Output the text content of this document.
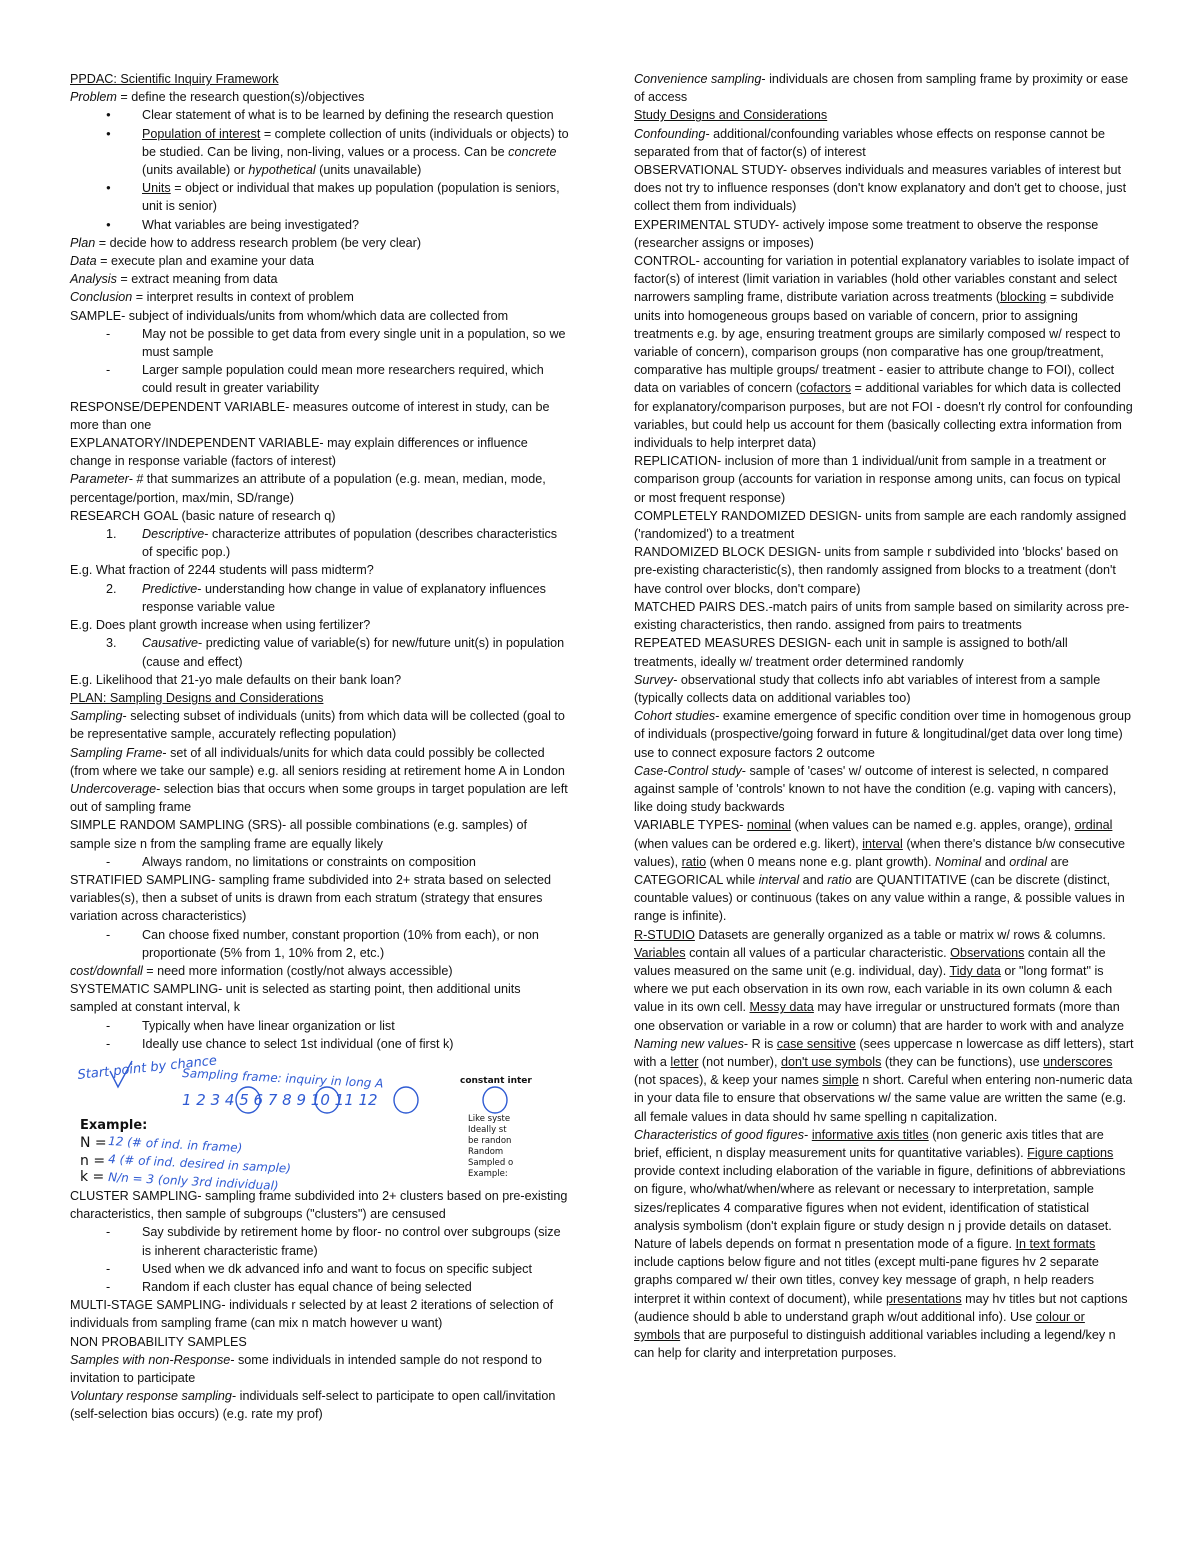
PPDAC: Scientific Inquiry Framework
Problem = define the research question(s)/objectives
●
Clear statement of what is to be learned by defining the research question
●
Population of interest = complete collection of units (individuals or objects) to be studied. Can be living, non-living, values or a process. Can be concrete (units available) or hypothetical (units unavailable)
●
Units = object or individual that makes up population (population is seniors, unit is senior)
●
What variables are being investigated?
Plan = decide how to address research problem (be very clear)
Data = execute plan and examine your data
Analysis = extract meaning from data
Conclusion = interpret results in context of problem
SAMPLE- subject of individuals/units from whom/which data are collected from
-
May not be possible to get data from every single unit in a population, so we must sample
-
Larger sample population could mean more researchers required, which could result in greater variability
RESPONSE/DEPENDENT VARIABLE- measures outcome of interest in study, can be more than one
EXPLANATORY/INDEPENDENT VARIABLE- may explain differences or influence change in response variable (factors of interest)
Parameter- # that summarizes an attribute of a population (e.g. mean, median, mode, percentage/portion, max/min, SD/range)
RESEARCH GOAL (basic nature of research q)
1.	Descriptive- characterize attributes of population (describes characteristics of specific pop.)
E.g. What fraction of 2244 students will pass midterm?
2.	Predictive- understanding how change in value of explanatory influences response variable value
E.g. Does plant growth increase when using fertilizer?
3.	Causative- predicting value of variable(s) for new/future unit(s) in population (cause and effect)
E.g. Likelihood that 21-yo male defaults on their bank loan?
PLAN: Sampling Designs and Considerations
Sampling- selecting subset of individuals (units) from which data will be collected (goal to be representative sample, accurately reflecting population)
Sampling Frame- set of all individuals/units for which data could possibly be collected (from where we take our sample) e.g. all seniors residing at retirement home A in London
Undercoverage- selection bias that occurs when some groups in target population are left out of sampling frame
SIMPLE RANDOM SAMPLING (SRS)- all possible combinations (e.g. samples) of sample size n from the sampling frame are equally likely
-
Always random, no limitations or constraints on composition
STRATIFIED SAMPLING- sampling frame subdivided into 2+ strata based on selected variables(s), then a subset of units is drawn from each stratum (strategy that ensures variation across characteristics)
-
Can choose fixed number, constant proportion (10% from each), or non proportionate (5% from 1, 10% from 2, etc.)
cost/downfall = need more information (costly/not always accessible)
SYSTEMATIC SAMPLING- unit is selected as starting point, then additional units sampled at constant interval, k
-
Typically when have linear organization or list
-
Ideally use chance to select 1st individual (one of first k)
Start point by chance
Sampling frame: inquiry in long A
1 2 3 4 5 6 7 8 9 10 11 12
12 (# of ind. in frame)
4 (# of ind. desired in sample)
N/n = 3 (only 3rd individual)
Example:
N =
n =
k =
constant inter
Like syste
Ideally st
be randon
Random
Sampled o
Example:
CLUSTER SAMPLING- sampling frame subdivided into 2+ clusters based on pre-existing characteristics, then sample of subgroups ("clusters") are censused
-
Say subdivide by retirement home by floor- no control over subgroups (size is inherent characteristic frame)
-
Used when we dk advanced info and want to focus on specific subject
-
Random if each cluster has equal chance of being selected
MULTI-STAGE SAMPLING- individuals r selected by at least 2 iterations of selection of individuals from sampling frame (can mix n match however u want)
NON PROBABILITY SAMPLES
Samples with non-Response- some individuals in intended sample do not respond to invitation to participate
Voluntary response sampling- individuals self-select to participate to open call/invitation (self-selection bias occurs) (e.g. rate my prof)
Convenience sampling- individuals are chosen from sampling frame by proximity or ease of access
Study Designs and Considerations
Confounding- additional/confounding variables whose effects on response cannot be separated from that of factor(s) of interest
OBSERVATIONAL STUDY- observes individuals and measures variables of interest but does not try to influence responses (don't know explanatory and don't get to choose, just collect them from individuals)
EXPERIMENTAL STUDY- actively impose some treatment to observe the response (researcher assigns or imposes)
CONTROL- accounting for variation in potential explanatory variables to isolate impact of factor(s) of interest (limit variation in variables (hold other variables constant and select narrowers sampling frame, distribute variation across treatments (blocking = subdivide units into homogeneous groups based on variable of concern, prior to assigning treatments e.g. by age, ensuring treatment groups are similarly composed w/ respect to variable of concern), comparison groups (non comparative has one group/treatment, comparative has multiple groups/ treatment - easier to attribute change to FOI), collect data on variables of concern (cofactors = additional variables for which data is collected for explanatory/comparison purposes, but are not FOI - doesn't rly control for confounding variables, but could help us account for them (basically collecting extra information from individuals to help interpret data)
REPLICATION- inclusion of more than 1 individual/unit from sample in a treatment or comparison group (accounts for variation in response among units, can focus on typical or most frequent response)
COMPLETELY RANDOMIZED DESIGN- units from sample are each randomly assigned ('randomized') to a treatment
RANDOMIZED BLOCK DESIGN- units from sample r subdivided into 'blocks' based on pre-existing characteristic(s), then randomly assigned from blocks to a treatment (don't have control over blocks, don't compare)
MATCHED PAIRS DES.-match pairs of units from sample based on similarity across pre-existing characteristics, then rando. assigned from pairs to treatments
REPEATED MEASURES DESIGN- each unit in sample is assigned to both/all treatments, ideally w/ treatment order determined randomly
Survey- observational study that collects info abt variables of interest from a sample (typically collects data on additional variables too)
Cohort studies- examine emergence of specific condition over time in homogenous group of individuals (prospective/going forward in future & longitudinal/get data over long time) use to connect exposure factors 2 outcome
Case-Control study- sample of 'cases' w/ outcome of interest is selected, n compared against sample of 'controls' known to not have the condition (e.g. vaping with cancers), like doing study backwards
VARIABLE TYPES- nominal (when values can be named e.g. apples, orange), ordinal (when values can be ordered e.g. likert), interval (when there's distance b/w consecutive values), ratio (when 0 means none e.g. plant growth). Nominal and ordinal are CATEGORICAL while interval and ratio are QUANTITATIVE (can be discrete (distinct, countable values) or continuous (takes on any value within a range, & possible values in range is infinite).
R-STUDIO Datasets are generally organized as a table or matrix w/ rows & columns. Variables contain all values of a particular characteristic. Observations contain all the values measured on the same unit (e.g. individual, day). Tidy data or "long format" is where we put each observation in its own row, each variable in its own column & each value in its own cell. Messy data may have irregular or unstructured formats (more than one observation or variable in a row or column) that are harder to work with and analyze
Naming new values- R is case sensitive (sees uppercase n lowercase as diff letters), start with a letter (not number), don't use symbols (they can be functions), use underscores (not spaces), & keep your names simple n short. Careful when entering non-numeric data in your data file to ensure that observations w/ the same value are written the same (e.g. all female values in data should hv same spelling n capitalization.
Characteristics of good figures- informative axis titles (non generic axis titles that are brief, efficient, n display measurement units for quantitative variables). Figure captions provide context including elaboration of the variable in figure, definitions of abbreviations on figure, who/what/when/where as relevant or necessary to interpretation, sample sizes/replicates 4 comparative figures when not evident, identification of statistical analysis symbolism (don't explain figure or study design n j provide details on dataset. Nature of labels depends on format n presentation mode of a figure. In text formats include captions below figure and not titles (except multi-pane figures hv 2 separate graphs compared w/ their own titles, convey key message of graph, n help readers interpret it within context of document), while presentations may hv titles but not captions (audience should b able to understand graph w/out additional info). Use colour or symbols that are purposeful to distinguish additional variables including a legend/key n can help for clarity and interpretation purposes.
